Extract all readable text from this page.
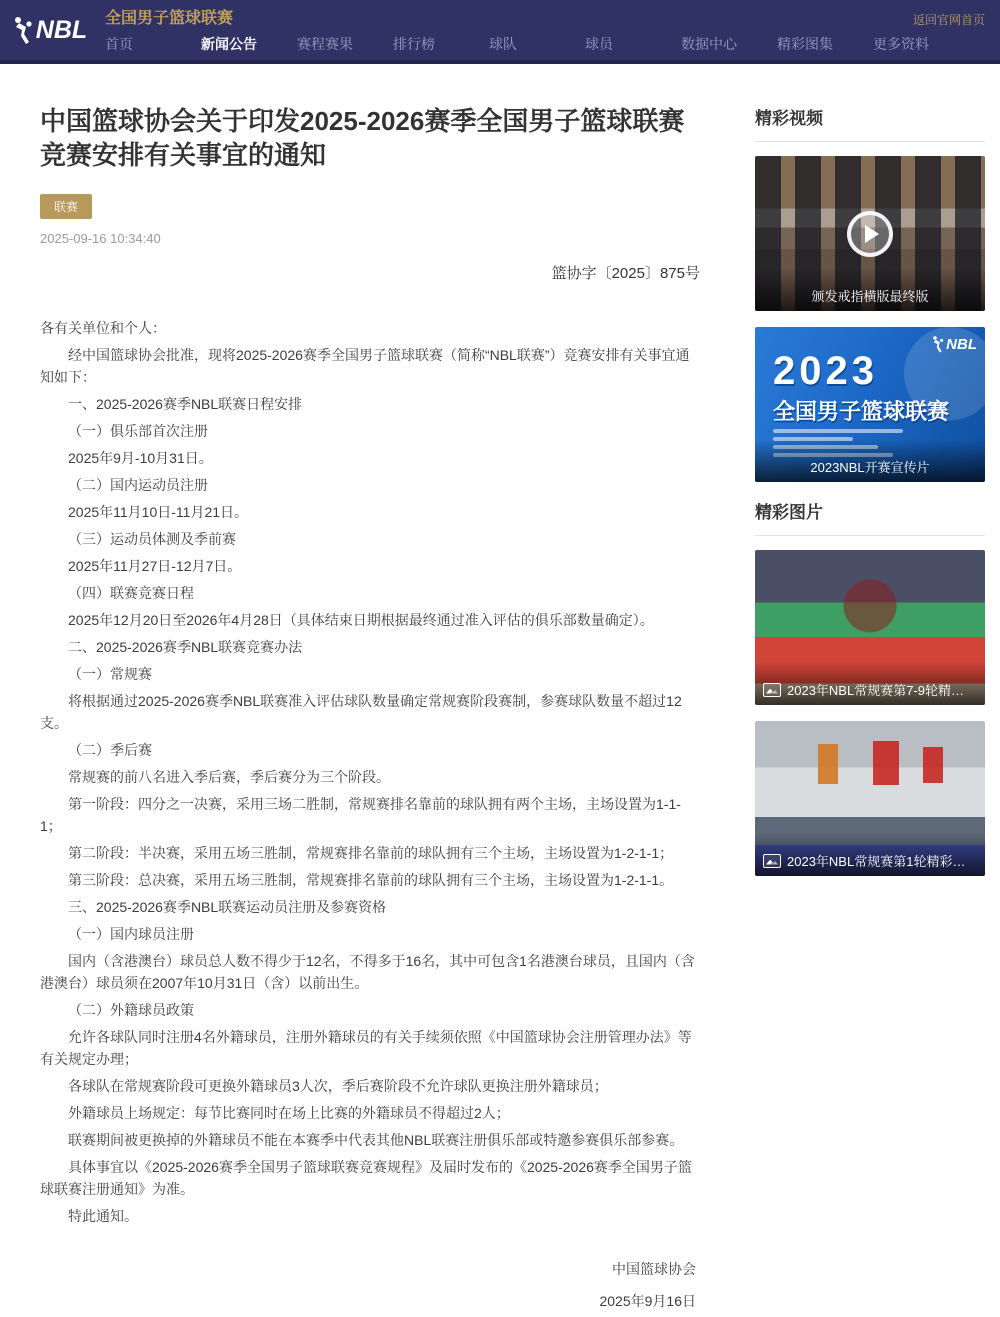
NBL	全国男子篮球联赛	返回官网首页
首页	新闻公告	赛程赛果	排行榜	球队	球员	数据中心	精彩图集	更多资料
中国篮球协会关于印发2025-2026赛季全国男子篮球联赛竞赛安排有关事宜的通知
联赛
2025-09-16 10:34:40
篮协字〔2025〕875号

各有关单位和个人：

经中国篮球协会批准，现将2025-2026赛季全国男子篮球联赛（简称“NBL联赛”）竞赛安排有关事宜通知如下：

一、2025-2026赛季NBL联赛日程安排

（一）俱乐部首次注册

2025年9月-10月31日。

（二）国内运动员注册

2025年11月10日-11月21日。

（三）运动员体测及季前赛

2025年11月27日-12月7日。

（四）联赛竞赛日程

2025年12月20日至2026年4月28日（具体结束日期根据最终通过准入评估的俱乐部数量确定）。

二、2025-2026赛季NBL联赛竞赛办法

（一）常规赛

将根据通过2025-2026赛季NBL联赛准入评估球队数量确定常规赛阶段赛制，参赛球队数量不超过12支。

（二）季后赛

常规赛的前八名进入季后赛，季后赛分为三个阶段。

第一阶段：四分之一决赛，采用三场二胜制，常规赛排名靠前的球队拥有两个主场，主场设置为1-1-1；

第二阶段：半决赛，采用五场三胜制，常规赛排名靠前的球队拥有三个主场，主场设置为1-2-1-1；

第三阶段：总决赛，采用五场三胜制，常规赛排名靠前的球队拥有三个主场，主场设置为1-2-1-1。

三、2025-2026赛季NBL联赛运动员注册及参赛资格

（一）国内球员注册

国内（含港澳台）球员总人数不得少于12名，不得多于16名，其中可包含1名港澳台球员，且国内（含港澳台）球员须在2007年10月31日（含）以前出生。

（二）外籍球员政策

允许各球队同时注册4名外籍球员，注册外籍球员的有关手续须依照《中国篮球协会注册管理办法》等有关规定办理；

各球队在常规赛阶段可更换外籍球员3人次，季后赛阶段不允许球队更换注册外籍球员；

外籍球员上场规定：每节比赛同时在场上比赛的外籍球员不得超过2人；

联赛期间被更换掉的外籍球员不能在本赛季中代表其他NBL联赛注册俱乐部或特邀参赛俱乐部参赛。

具体事宜以《2025-2026赛季全国男子篮球联赛竞赛规程》及届时发布的《2025-2026赛季全国男子篮球联赛注册通知》为准。

特此通知。

中国篮球协会

2025年9月16日

精彩视频
颁发戒指横版最终版
NBL
2023
全国男子篮球联赛
2023NBL开赛宣传片
精彩图片
2023年NBL常规赛第7-9轮精…
2023年NBL常规赛第1轮精彩…
